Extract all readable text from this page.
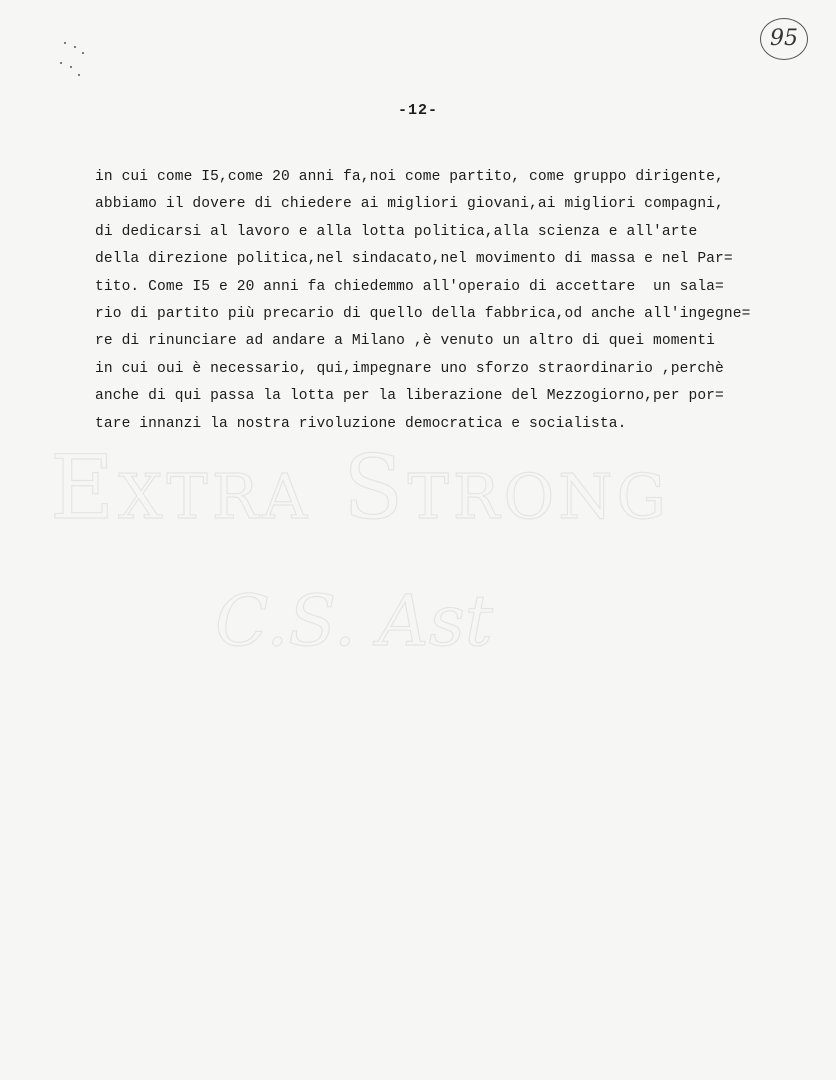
95
Extra Strong
C.S. Ast
-12-
in cui come I5,come 20 anni fa,noi come partito, come gruppo dirigente,
abbiamo il dovere di chiedere ai migliori giovani,ai migliori compagni,
di dedicarsi al lavoro e alla lotta politica,alla scienza e all'arte
della direzione politica,nel sindacato,nel movimento di massa e nel Par=
tito. Come I5 e 20 anni fa chiedemmo all'operaio di accettare  un sala=
rio di partito più precario di quello della fabbrica,od anche all'ingegne=
re di rinunciare ad andare a Milano ,è venuto un altro di quei momenti
in cui oui è necessario, qui,impegnare uno sforzo straordinario ,perchè
anche di qui passa la lotta per la liberazione del Mezzogiorno,per por=
tare innanzi la nostra rivoluzione democratica e socialista.
